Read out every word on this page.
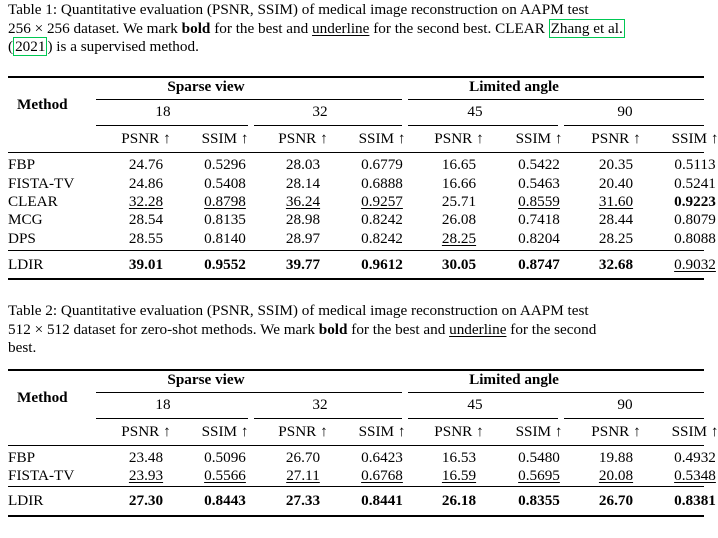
Table 1: Quantitative evaluation (PSNR, SSIM) of medical image reconstruction on AAPM test
256 × 256 dataset. We mark bold for the best and underline for the second best. CLEAR Zhang et al.
( 2021 ) is a supervised method.
Method
Sparse view	Limited angle
18	32	45	90
PSNR ↑ SSIM ↑ PSNR ↑ SSIM ↑ PSNR ↑ SSIM ↑ PSNR ↑ SSIM ↑
FBP	24.76	0.5296	28.03	0.6779	16.65	0.5422	20.35	0.5113
FISTA-TV	24.86	0.5408	28.14	0.6888	16.66	0.5463	20.40	0.5241
CLEAR	32.28	0.8798	36.24	0.9257	25.71	0.8559	31.60	0.9223
MCG	28.54	0.8135	28.98	0.8242	26.08	0.7418	28.44	0.8079
DPS	28.55	0.8140	28.97	0.8242	28.25	0.8204	28.25	0.8088
LDIR	39.01	0.9552	39.77	0.9612	30.05	0.8747	32.68	0.9032
Table 2: Quantitative evaluation (PSNR, SSIM) of medical image reconstruction on AAPM test
512 × 512 dataset for zero-shot methods. We mark bold for the best and underline for the second
best.
Method
Sparse view	Limited angle
18	32	45	90
PSNR ↑ SSIM ↑ PSNR ↑ SSIM ↑ PSNR ↑ SSIM ↑ PSNR ↑ SSIM ↑
FBP	23.48	0.5096	26.70	0.6423	16.53	0.5480	19.88	0.4932
FISTA-TV	23.93	0.5566	27.11	0.6768	16.59	0.5695	20.08	0.5348
LDIR	27.30	0.8443	27.33	0.8441	26.18	0.8355	26.70	0.8381
